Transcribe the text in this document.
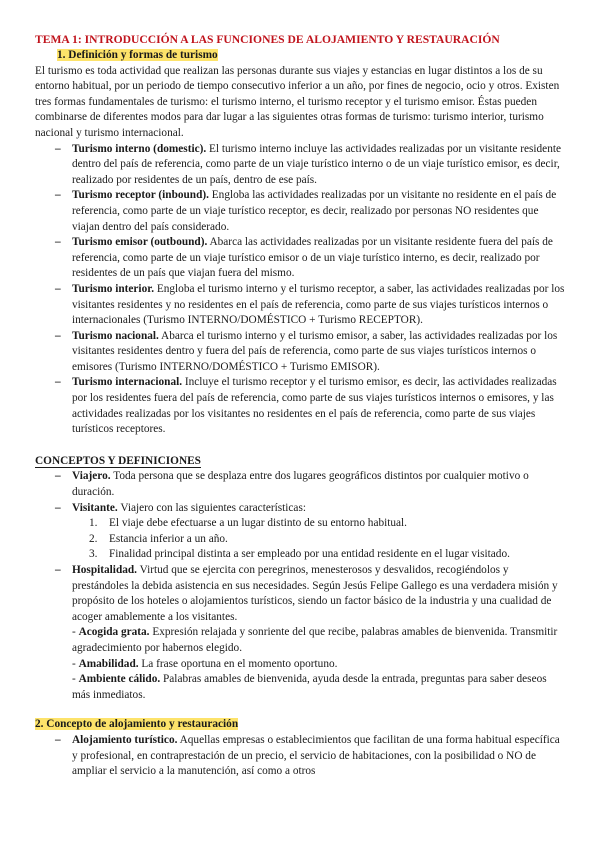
TEMA 1: INTRODUCCIÓN A LAS FUNCIONES DE ALOJAMIENTO Y RESTAURACIÓN

1. Definición y formas de turismo

El turismo es toda actividad que realizan las personas durante sus viajes y estancias en lugar distintos a los de su entorno habitual, por un periodo de tiempo consecutivo inferior a un año, por fines de negocio, ocio y otros. Existen tres formas fundamentales de turismo: el turismo interno, el turismo receptor y el turismo emisor. Éstas pueden combinarse de diferentes modos para dar lugar a las siguientes otras formas de turismo: turismo interior, turismo nacional y turismo internacional.

– Turismo interno (domestic). El turismo interno incluye las actividades realizadas por un visitante residente dentro del país de referencia, como parte de un viaje turístico interno o de un viaje turístico emisor, es decir, realizado por residentes de un país, dentro de ese país.
– Turismo receptor (inbound). Engloba las actividades realizadas por un visitante no residente en el país de referencia, como parte de un viaje turístico receptor, es decir, realizado por personas NO residentes que viajan dentro del país considerado.
– Turismo emisor (outbound). Abarca las actividades realizadas por un visitante residente fuera del país de referencia, como parte de un viaje turístico emisor o de un viaje turístico interno, es decir, realizado por residentes de un país que viajan fuera del mismo.
– Turismo interior. Engloba el turismo interno y el turismo receptor, a saber, las actividades realizadas por los visitantes residentes y no residentes en el país de referencia, como parte de sus viajes turísticos internos o internacionales (Turismo INTERNO/DOMÉSTICO + Turismo RECEPTOR).
– Turismo nacional. Abarca el turismo interno y el turismo emisor, a saber, las actividades realizadas por los visitantes residentes dentro y fuera del país de referencia, como parte de sus viajes turísticos internos o emisores (Turismo INTERNO/DOMÉSTICO + Turismo EMISOR).
– Turismo internacional. Incluye el turismo receptor y el turismo emisor, es decir, las actividades realizadas por los residentes fuera del país de referencia, como parte de sus viajes turísticos internos o emisores, y las actividades realizadas por los visitantes no residentes en el país de referencia, como parte de sus viajes turísticos receptores.

CONCEPTOS Y DEFINICIONES

– Viajero. Toda persona que se desplaza entre dos lugares geográficos distintos por cualquier motivo o duración.
– Visitante. Viajero con las siguientes características:
1. El viaje debe efectuarse a un lugar distinto de su entorno habitual.
2. Estancia inferior a un año.
3. Finalidad principal distinta a ser empleado por una entidad residente en el lugar visitado.
– Hospitalidad. Virtud que se ejercita con peregrinos, menesterosos y desvalidos, recogiéndolos y prestándoles la debida asistencia en sus necesidades. Según Jesús Felipe Gallego es una verdadera misión y propósito de los hoteles o alojamientos turísticos, siendo un factor básico de la industria y una cualidad de acoger amablemente a los visitantes.
- Acogida grata. Expresión relajada y sonriente del que recibe, palabras amables de bienvenida. Transmitir agradecimiento por habernos elegido.
- Amabilidad. La frase oportuna en el momento oportuno.
- Ambiente cálido. Palabras amables de bienvenida, ayuda desde la entrada, preguntas para saber deseos más inmediatos.

2. Concepto de alojamiento y restauración

– Alojamiento turístico. Aquellas empresas o establecimientos que facilitan de una forma habitual específica y profesional, en contraprestación de un precio, el servicio de habitaciones, con la posibilidad o NO de ampliar el servicio a la manutención, así como a otros
